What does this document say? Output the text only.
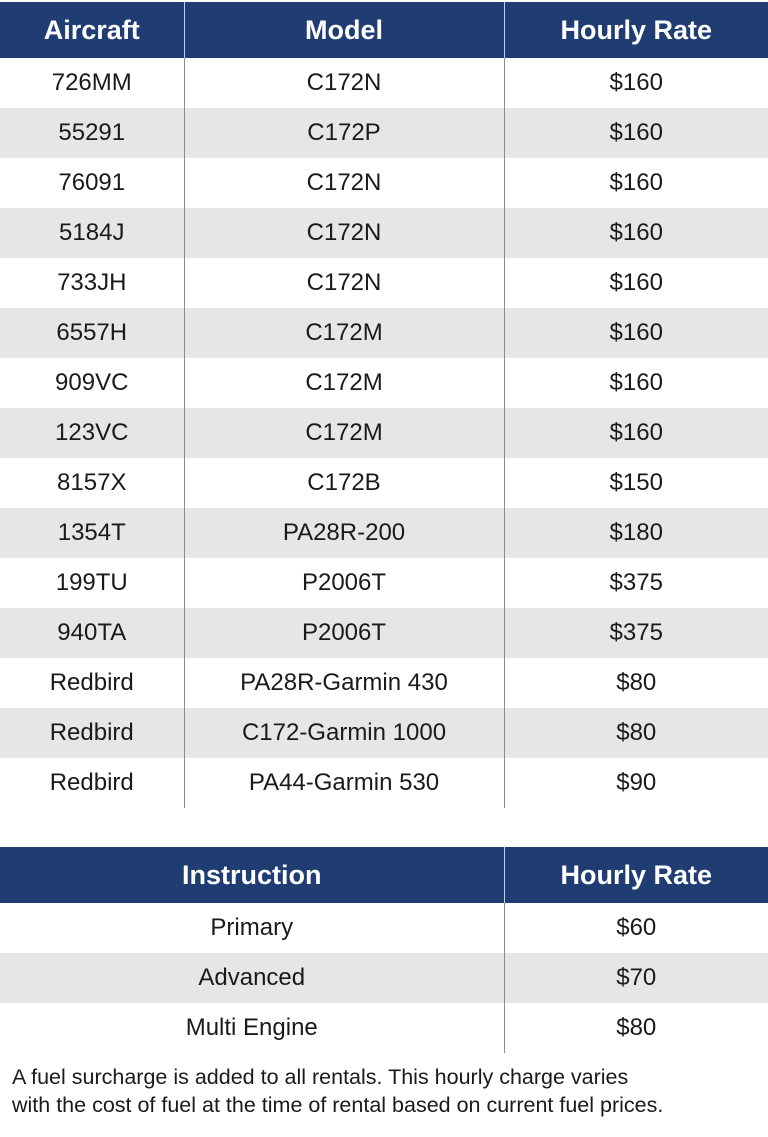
Aircraft	Model	Hourly Rate
726MM	C172N	$160
55291	C172P	$160
76091	C172N	$160
5184J	C172N	$160
733JH	C172N	$160
6557H	C172M	$160
909VC	C172M	$160
123VC	C172M	$160
8157X	C172B	$150
1354T	PA28R-200	$180
199TU	P2006T	$375
940TA	P2006T	$375
Redbird	PA28R-Garmin 430	$80
Redbird	C172-Garmin 1000	$80
Redbird	PA44-Garmin 530	$90
Instruction	Hourly Rate
Primary	$60
Advanced	$70
Multi Engine	$80
A fuel surcharge is added to all rentals. This hourly charge varies
with the cost of fuel at the time of rental based on current fuel prices.
